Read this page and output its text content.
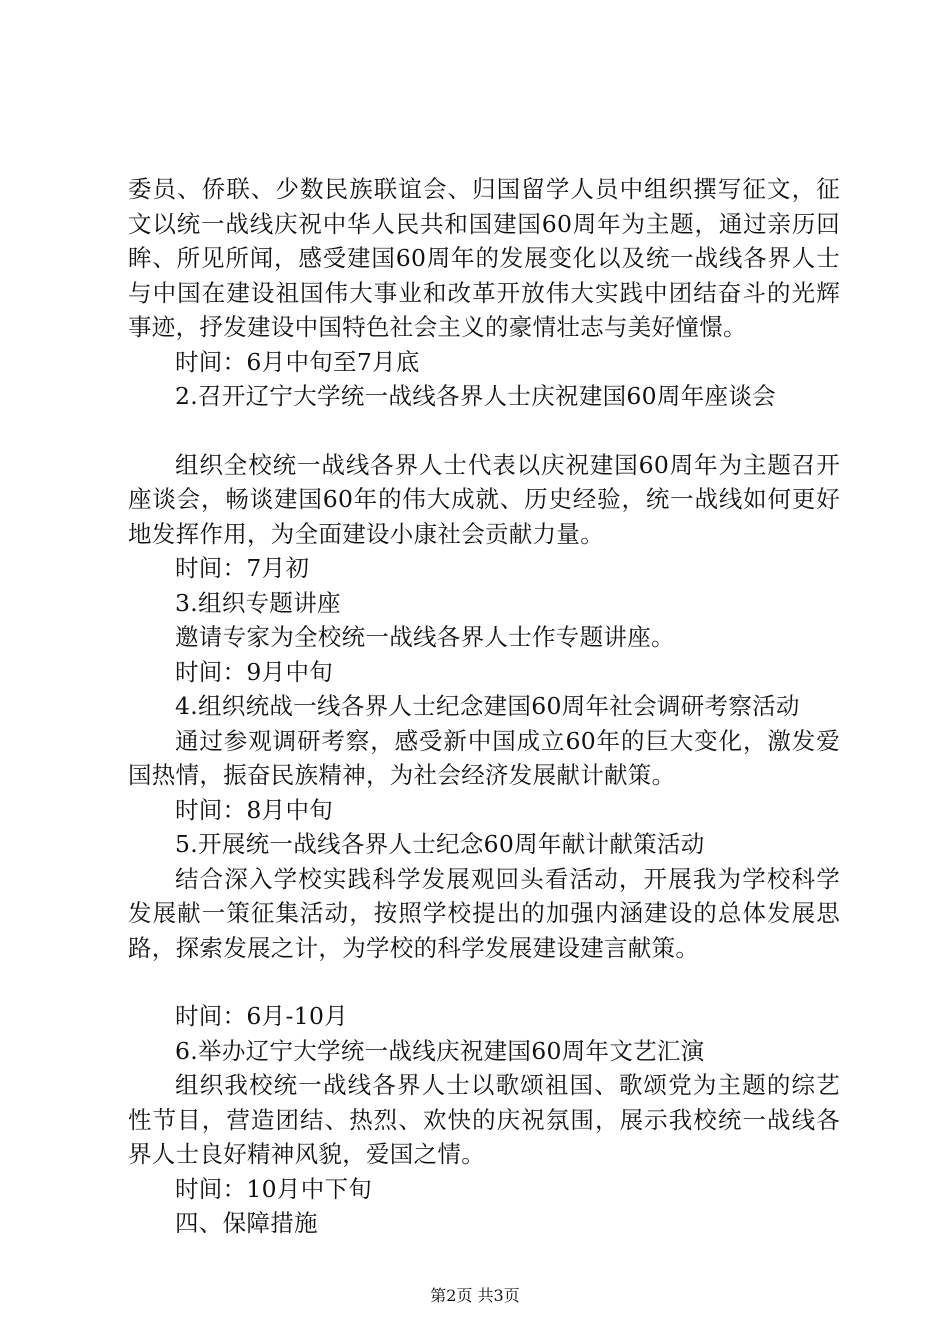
委员、侨联、少数民族联谊会、归国留学人员中组织撰写征文，征文以统一战线庆祝中华人民共和国建国60周年为主题，通过亲历回眸、所见所闻，感受建国60周年的发展变化以及统一战线各界人士与中国在建设祖国伟大事业和改革开放伟大实践中团结奋斗的光辉事迹，抒发建设中国特色社会主义的豪情壮志与美好憧憬。

时间：6月中旬至7月底

2.召开辽宁大学统一战线各界人士庆祝建国60周年座谈会

组织全校统一战线各界人士代表以庆祝建国60周年为主题召开座谈会，畅谈建国60年的伟大成就、历史经验，统一战线如何更好地发挥作用，为全面建设小康社会贡献力量。

时间：7月初

3.组织专题讲座

邀请专家为全校统一战线各界人士作专题讲座。

时间：9月中旬

4.组织统战一线各界人士纪念建国60周年社会调研考察活动

通过参观调研考察，感受新中国成立60年的巨大变化，激发爱国热情，振奋民族精神，为社会经济发展献计献策。

时间：8月中旬

5.开展统一战线各界人士纪念60周年献计献策活动

结合深入学校实践科学发展观回头看活动，开展我为学校科学发展献一策征集活动，按照学校提出的加强内涵建设的总体发展思路，探索发展之计，为学校的科学发展建设建言献策。

时间：6月-10月

6.举办辽宁大学统一战线庆祝建国60周年文艺汇演

组织我校统一战线各界人士以歌颂祖国、歌颂党为主题的综艺性节目，营造团结、热烈、欢快的庆祝氛围，展示我校统一战线各界人士良好精神风貌，爱国之情。

时间：10月中下旬

四、保障措施

第2页 共3页
